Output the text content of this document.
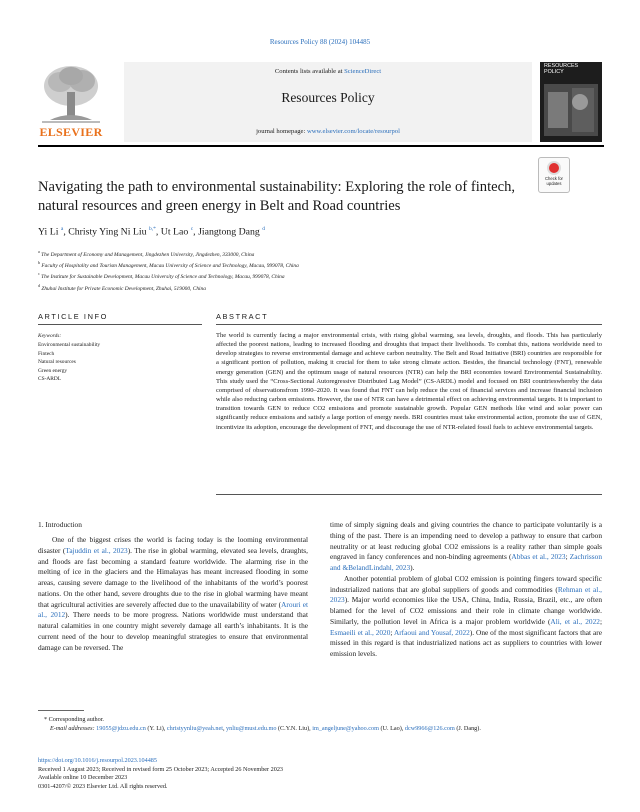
Resources Policy 88 (2024) 104485
ELSEVIER
Contents lists available at ScienceDirect
Resources Policy
journal homepage: www.elsevier.com/locate/resourpol
RESOURCES POLICY
Check for updates
Navigating the path to environmental sustainability: Exploring the role of fintech, natural resources and green energy in Belt and Road countries
Yi Li $^a$, Christy Ying Ni Liu $^{b,*}$, Ut Lao $^c$, Jiangtong Dang $^d$
$^a$ The Department of Economy and Management, Jingdezhen University, Jingdezhen, 333000, China
$^b$ Faculty of Hospitality and Tourism Management, Macau University of Science and Technology, Macau, 999078, China
$^c$ The Institute for Sustainable Development, Macau University of Science and Technology, Macau, 999078, China
$^d$ Zhuhai Institute for Private Economic Development, Zhuhai, 519000, China
ARTICLE INFO	ABSTRACT
Keywords:
Environmental sustainability
Fintech
Natural resources
Green energy
CS-ARDL

The world is currently facing a major environmental crisis, with rising global warming, sea levels, droughts, and floods. This has particularly affected the poorest nations, leading to increased flooding and droughts that impact their livelihoods. To combat this, nations worldwide need to develop strategies to reverse environmental damage and achieve carbon neutrality. The Belt and Road Initiative (BRI) countries are responsible for a significant portion of pollution, making it crucial for them to take strong climate action. Besides, the financial technology (FNT), renewable energy generation (GEN) and the optimum usage of natural resources (NTR) can help the BRI economies toward Environmental Sustainability. This study used the “Cross-Sectional Autoregressive Distributed Lag Model” (CS-ARDL) model and focused on BRI countrieswhereby the data comprised of observationsfrom 1990–2020. It was found that FNT can help reduce the cost of financial services and increase financial inclusion while also reducing carbon emissions. However, the use of NTR can have a detrimental effect on achieving environmental targets. It is important to transition towards GEN to reduce CO2 emissions and promote sustainable growth. Popular GEN methods like wind and solar power can significantly reduce emissions and satisfy a large portion of energy needs. BRI countries must take environmental action, promote the use of GEN, incentivize its adoption, encourage the development of FNT, and discourage the use of NTR-related fossil fuels to achieve environmental targets.

1. Introduction

One of the biggest crises the world is facing today is the looming environmental disaster (Tajuddin et al., 2023). The rise in global warming, elevated sea levels, draughts, and floods are fast becoming a standard feature worldwide. The alarming rise in the melting of ice in the glaciers and the Himalayas has meant increased flooding in some areas, causing severe damage to the livelihood of the inhabitants of the world’s poorest nations. On the other hand, severe droughts due to the rise in global warming have meant that agricultural activities are severely affected due to the unavailability of water (Arouri et al., 2012). There needs to be more progress. Nations worldwide must understand that natural calamities in one country might severely damage all earth’s inhabitants. It is the current need of the hour to develop meaningful strategies to ensure that environmental damage can be reversed. The

time of simply signing deals and giving countries the chance to participate voluntarily is a thing of the past. There is an impending need to develop a pathway to ensure that carbon neutrality or at least reducing global CO2 emissions is a reality rather than simple goals engraved in fancy conferences and non-binding agreements (Abbas et al., 2023; Zachrisson and &BelandLindahl, 2023).

Another potential problem of global CO2 emission is pointing fingers toward specific industrialized nations that are global suppliers of goods and commodities (Rehman et al., 2023). Major world economies like the USA, China, India, Russia, Brazil, etc., are often blamed for the level of CO2 emissions and their role in climate change worldwide. Similarly, the pollution level in Africa is a major problem worldwide (Ali, et al., 2022; Esmaeili et al., 2020; Arfaoui and Yousaf, 2022). One of the most significant factors that are missed in this regard is that industrialized nations act as suppliers to countries with lower emission levels.

* Corresponding author.
E-mail addresses: 19055@jdzu.edu.cn (Y. Li), christyynliu@yeah.net, ynliu@must.edu.mo (C.Y.N. Liu), im_angeljune@yahoo.com (U. Lao), dcw9966@126.com (J. Dang).
https://doi.org/10.1016/j.resourpol.2023.104485
Received 1 August 2023; Received in revised form 25 October 2023; Accepted 26 November 2023
Available online 10 December 2023
0301-4207/© 2023 Elsevier Ltd. All rights reserved.
